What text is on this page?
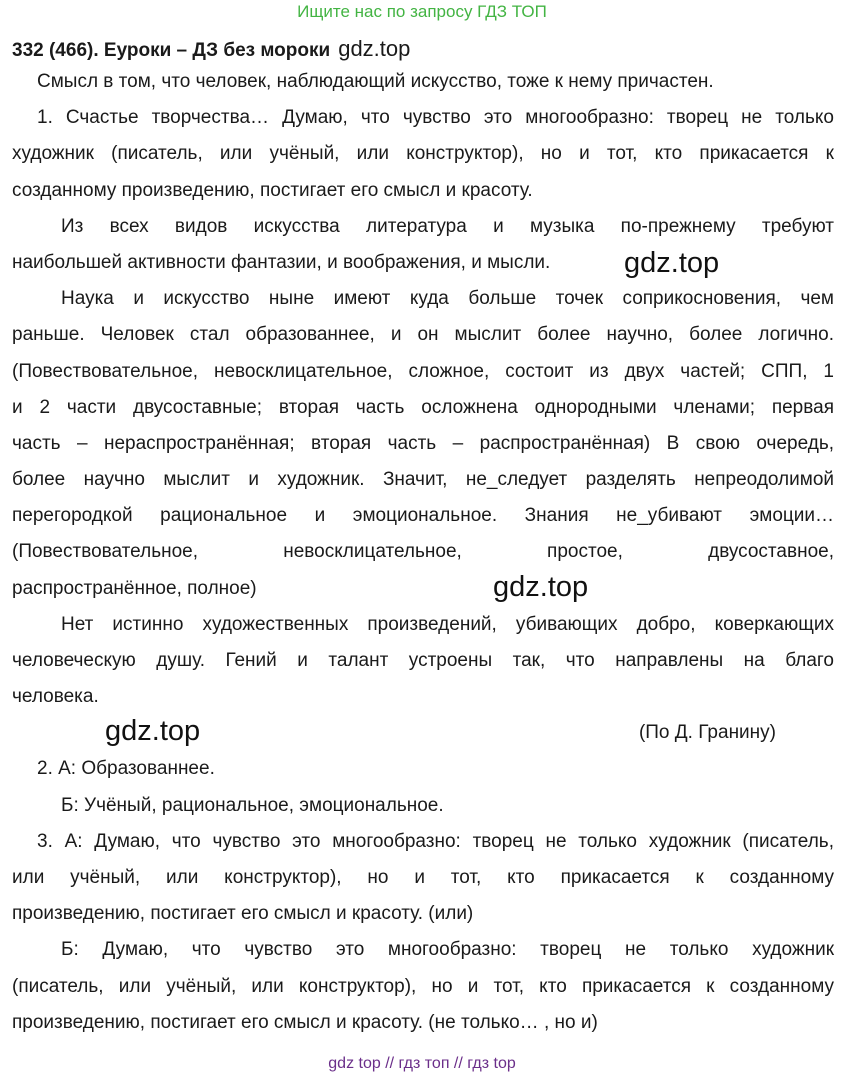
Ищите нас по запросу ГДЗ ТОП
332 (466). Еуроки – ДЗ без мороки gdz.top
Смысл в том, что человек, наблюдающий искусство, тоже к нему причастен.
1. Счастье творчества… Думаю, что чувство это многообразно: творец не только
художник (писатель, или учёный, или конструктор), но и тот, кто прикасается к
созданному произведению, постигает его смысл и красоту.
Из всех видов искусства литература и музыка по-прежнему требуют
наибольшей активности фантазии, и воображения, и мысли.
Наука и искусство ныне имеют куда больше точек соприкосновения, чем
раньше. Человек стал образованнее, и он мыслит более научно, более логично.
(Повествовательное, невосклицательное, сложное, состоит из двух частей; СПП, 1
и 2 части двусоставные; вторая часть осложнена однородными членами; первая
часть – нераспространённая; вторая часть – распространённая) В свою очередь,
более научно мыслит и художник. Значит, не_следует разделять непреодолимой
перегородкой рациональное и эмоциональное. Знания не_убивают эмоции…
(Повествовательное, невосклицательное, простое, двусоставное,
распространённое, полное)
Нет истинно художественных произведений, убивающих добро, коверкающих
человеческую душу. Гений и талант устроены так, что направлены на благо
человека.
(По Д. Гранину)
2. А: Образованнее.
Б: Учёный, рациональное, эмоциональное.
3. А: Думаю, что чувство это многообразно: творец не только художник (писатель,
или учёный, или конструктор), но и тот, кто прикасается к созданному
произведению, постигает его смысл и красоту. (или)
Б: Думаю, что чувство это многообразно: творец не только художник
(писатель, или учёный, или конструктор), но и тот, кто прикасается к созданному
произведению, постигает его смысл и красоту. (не только… , но и)
gdz.top
gdz.top
gdz.top
gdz top // гдз топ // гдз top
